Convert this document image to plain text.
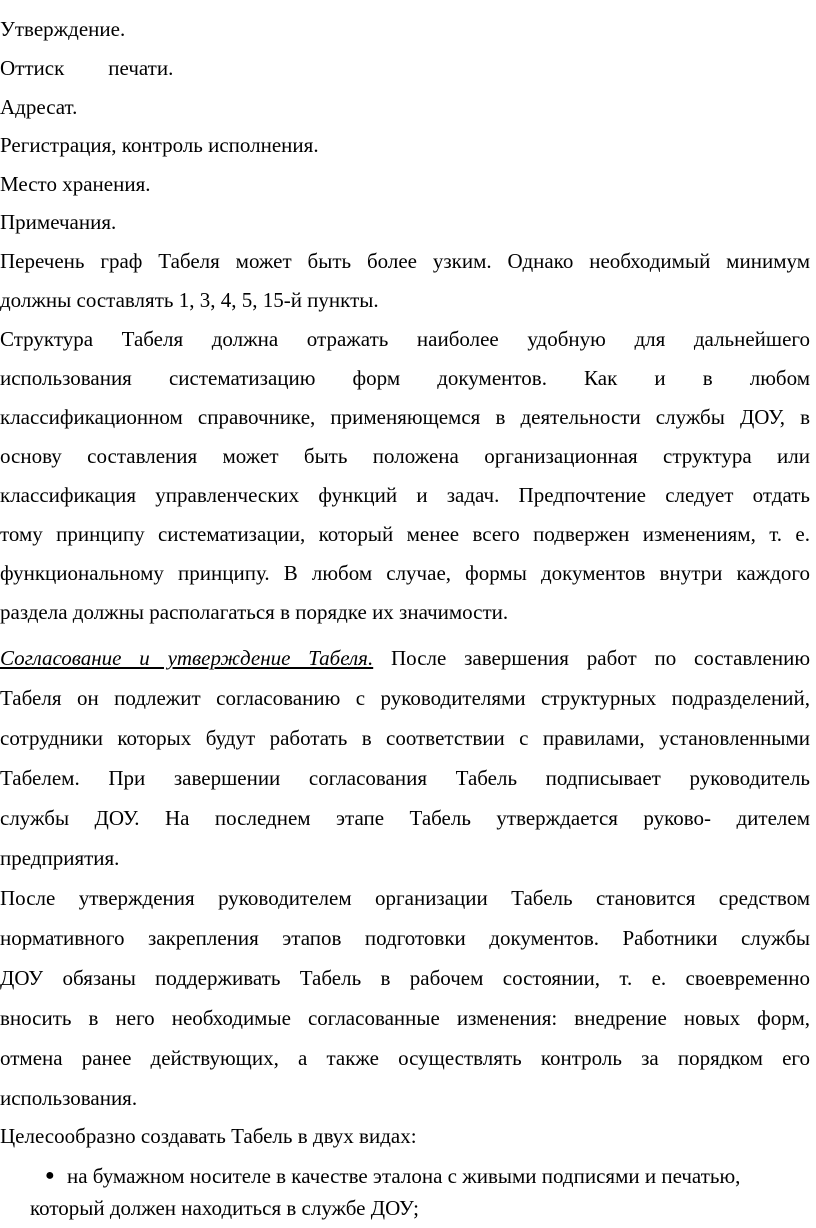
Утверждение.
Оттиск печати.
Адресат.
Регистрация, контроль исполнения.
Место хранения.
Примечания.
Перечень граф Табеля может быть более узким. Однако необходимый минимум
должны составлять 1, 3, 4, 5, 15-й пункты.
Структура Табеля должна отражать наиболее удобную для дальнейшего
использования систематизацию форм документов. Как и в любом
классификационном справочнике, применяющемся в деятельности службы ДОУ, в
основу составления может быть положена организационная структура или
классификация управленческих функций и задач. Предпочтение следует отдать
тому принципу систематизации, который менее всего подвержен изменениям, т. е.
функциональному принципу. В любом случае, формы документов внутри каждого
раздела должны располагаться в порядке их значимости.
Согласование и утверждение Табеля. После завершения работ по составлению
Табеля он подлежит согласованию с руководителями структурных подразделений,
сотрудники которых будут работать в соответствии с правилами, установленными
Табелем. При завершении согласования Табель подписывает руководитель
службы ДОУ. На последнем этапе Табель утверждается руково- дителем
предприятия.
После утверждения руководителем организации Табель становится средством
нормативного закрепления этапов подготовки документов. Работники службы
ДОУ обязаны поддерживать Табель в рабочем состоянии, т. е. своевременно
вносить в него необходимые согласованные изменения: внедрение новых форм,
отмена ранее действующих, а также осуществлять контроль за порядком его
использования.
Целесообразно создавать Табель в двух видах:
● на бумажном носителе в качестве эталона с живыми подписями и печатью,
который должен находиться в службе ДОУ;
